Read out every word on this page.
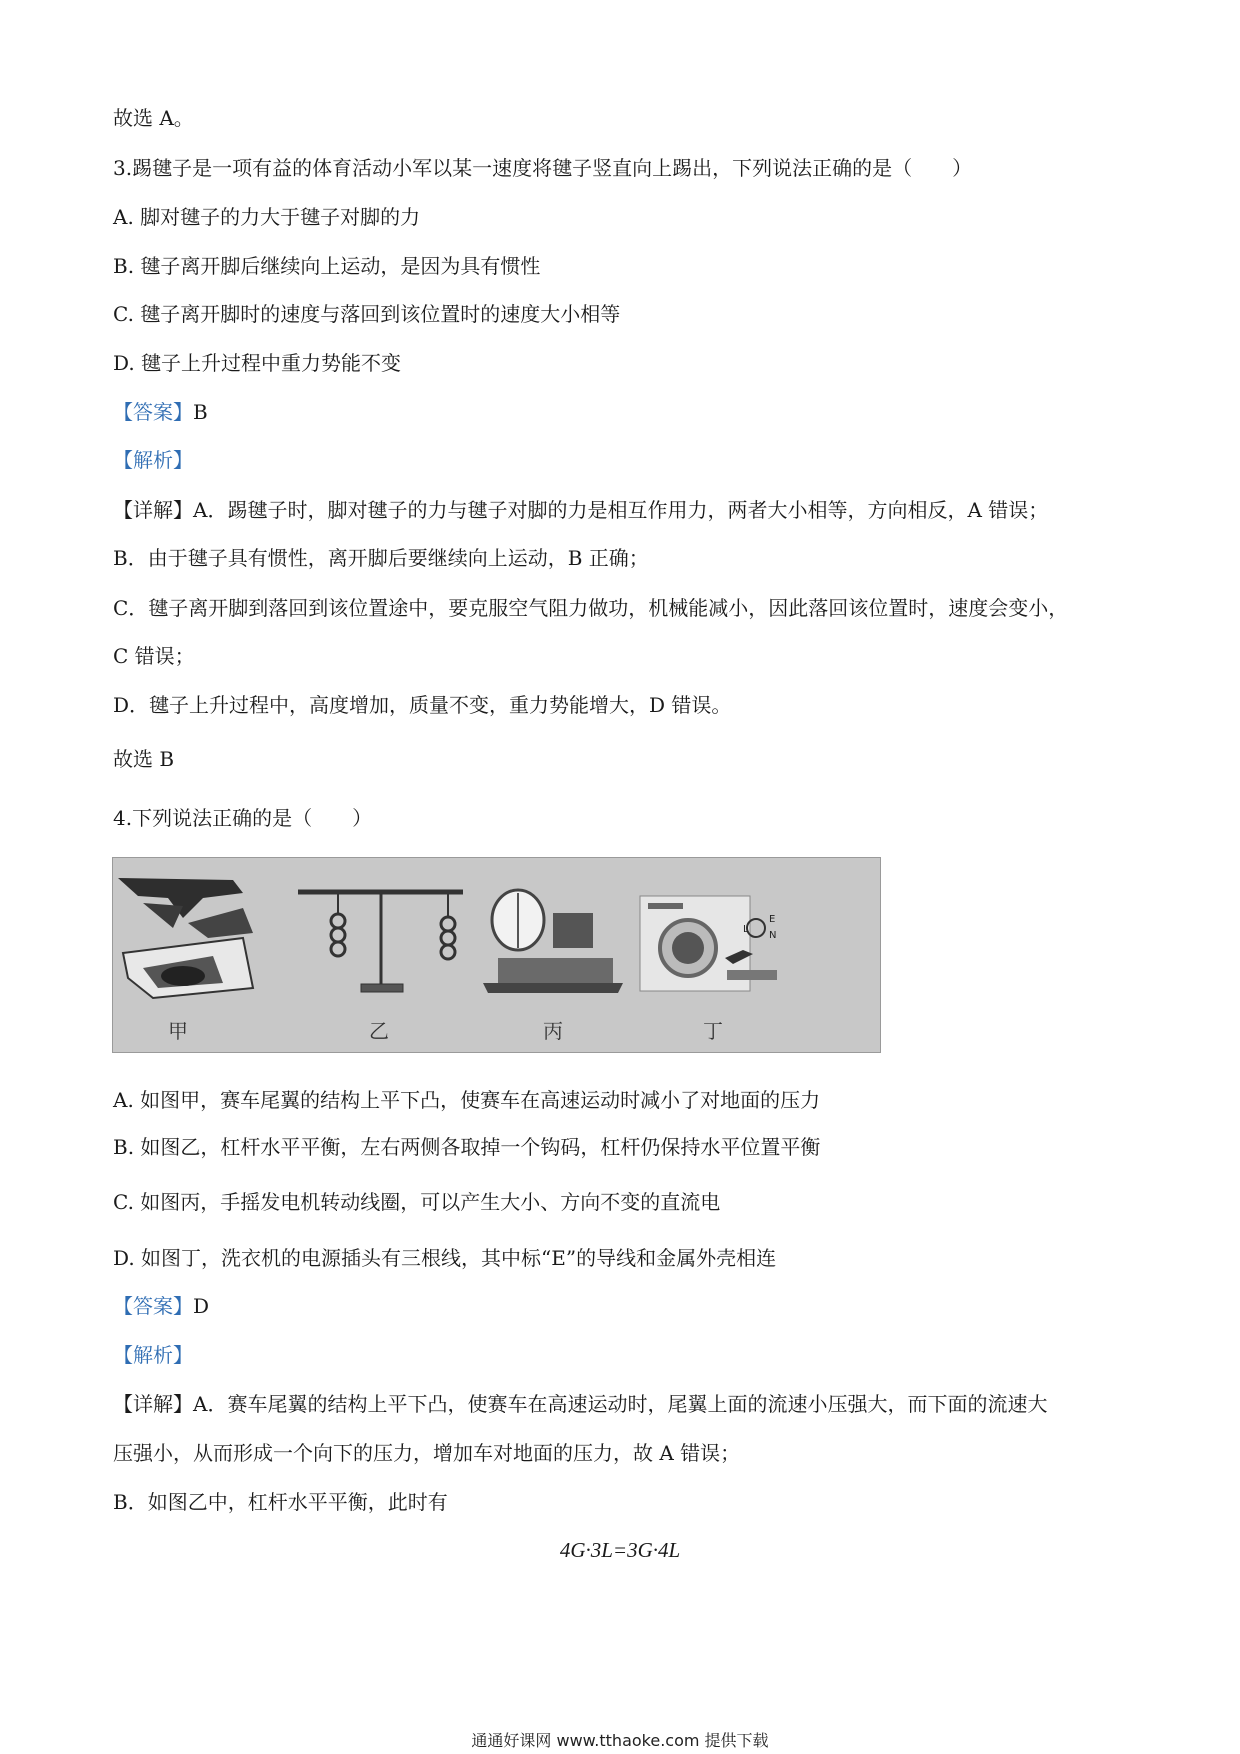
故选 A。
3.踢毽子是一项有益的体育活动小军以某一速度将毽子竖直向上踢出，下列说法正确的是（　　）
A. 脚对毽子的力大于毽子对脚的力
B. 毽子离开脚后继续向上运动，是因为具有惯性
C. 毽子离开脚时的速度与落回到该位置时的速度大小相等
D. 毽子上升过程中重力势能不变
【答案】B
【解析】
【详解】A．踢毽子时，脚对毽子的力与毽子对脚的力是相互作用力，两者大小相等，方向相反，A 错误；
B．由于毽子具有惯性，离开脚后要继续向上运动，B 正确；
C．毽子离开脚到落回到该位置途中，要克服空气阻力做功，机械能减小，因此落回该位置时，速度会变小，
C 错误；
D．毽子上升过程中，高度增加，质量不变，重力势能增大，D 错误。
故选 B
4.下列说法正确的是（　　）
E
L
N
甲	乙	丙	丁
A. 如图甲，赛车尾翼的结构上平下凸，使赛车在高速运动时减小了对地面的压力
B. 如图乙，杠杆水平平衡，左右两侧各取掉一个钩码，杠杆仍保持水平位置平衡
C. 如图丙，手摇发电机转动线圈，可以产生大小、方向不变的直流电
D. 如图丁，洗衣机的电源插头有三根线，其中标“E”的导线和金属外壳相连
【答案】D
【解析】
【详解】A．赛车尾翼的结构上平下凸，使赛车在高速运动时，尾翼上面的流速小压强大，而下面的流速大
压强小，从而形成一个向下的压力，增加车对地面的压力，故 A 错误；
B．如图乙中，杠杆水平平衡，此时有
4G·3L=3G·4L
通通好课网 www.tthaoke.com 提供下载
